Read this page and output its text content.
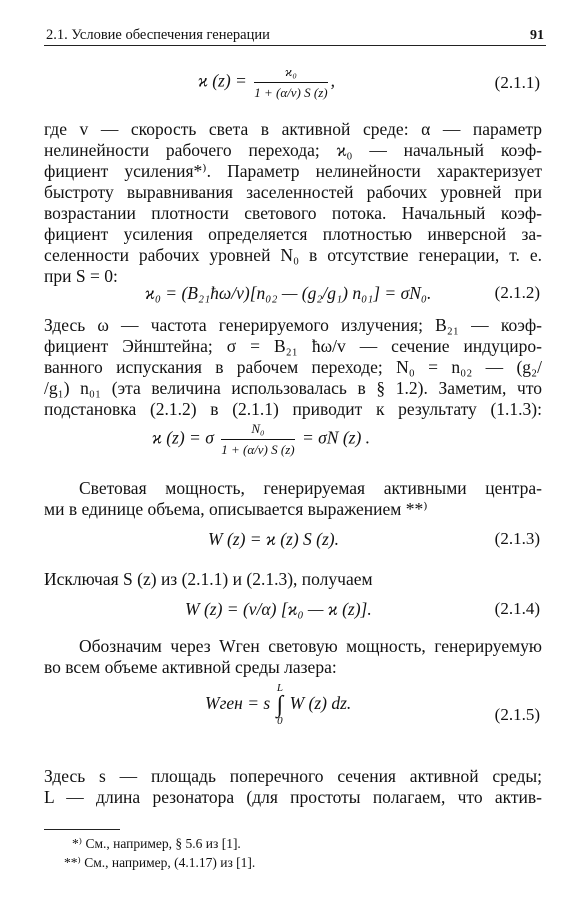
2.1. Условие обеспечения генерации	91
ϰ $(z) = \frac{\text{ϰ₀}}{1 + (\alpha/v) S (z)}$ ,	(2.1.1)
где v — скорость света в активной среде: α — параметр
нелинейности рабочего перехода; ϰ₀ — начальный коэф-
фициент усиления*⁾. Параметр нелинейности характеризует
быстроту выравнивания заселенностей рабочих уровней при
возрастании плотности светового потока. Начальный коэф-
фициент усиления определяется плотностью инверсной за-
селенности рабочих уровней N₀ в отсутствие генерации, т. е.
при S = 0:
ϰ₀ = (B₂₁ħω/v)[n₀₂ — (g₂/g₁) n₀₁] = σN₀.	(2.1.2)
Здесь ω — частота генерируемого излучения; B₂₁ — коэф-
фициент Эйнштейна; σ = B₂₁ ħω/v — сечение индуциро-
ванного испускания в рабочем переходе; N₀ = n₀₂ — (g₂/
/g₁) n₀₁ (эта величина использовалась в § 1.2). Заметим, что
подстановка (2.1.2) в (2.1.1) приводит к результату (1.1.3):
ϰ (z) = σ $\frac{\text{N₀}}{1 + (\alpha/v) S (z)} = \sigma N$ (z) .
Световая мощность, генерируемая активными центра-
ми в единице объема, описывается выражением **⁾
W (z) = ϰ (z) S (z).	(2.1.3)
Исключая S (z) из (2.1.1) и (2.1.3), получаем
W (z) = (v/α) [ϰ₀ — ϰ (z)].	(2.1.4)
Обозначим через Wген световую мощность, генерируемую
во всем объеме активной среды лазера:
Wген = s
L
∫
0
W (z) dz.
(2.1.5)
Здесь s — площадь поперечного сечения активной среды;
L — длина резонатора (для простоты полагаем, что актив-
*⁾ См., например, § 5.6 из [1].
**⁾ См., например, (4.1.17) из [1].
